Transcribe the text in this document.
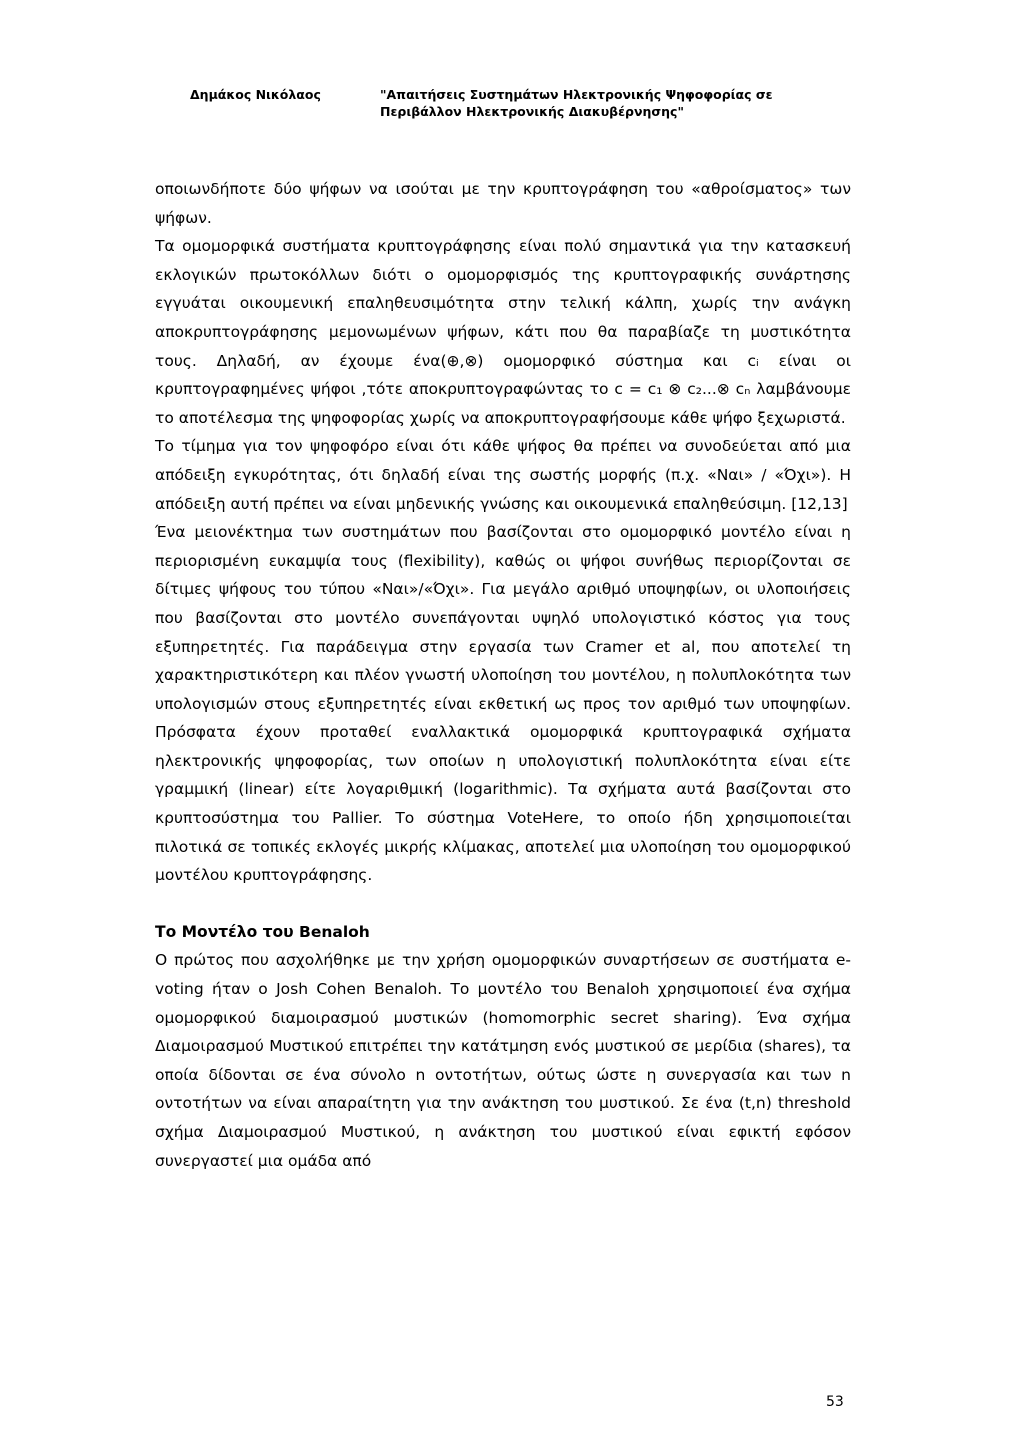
Δημάκος Νικόλαος	"Απαιτήσεις Συστημάτων Ηλεκτρονικής Ψηφοφορίας σε Περιβάλλον Ηλεκτρονικής Διακυβέρνησης"

οποιωνδήποτε δύο ψήφων να ισούται με την κρυπτογράφηση του «αθροίσματος» των ψήφων.

Τα ομομορφικά συστήματα κρυπτογράφησης είναι πολύ σημαντικά για την κατασκευή εκλογικών πρωτοκόλλων διότι ο ομομορφισμός της κρυπτογραφικής συνάρτησης εγγυάται οικουμενική επαληθευσιμότητα στην τελική κάλπη, χωρίς την ανάγκη αποκρυπτογράφησης μεμονωμένων ψήφων, κάτι που θα παραβίαζε τη μυστικότητα τους. Δηλαδή, αν έχουμε ένα(⊕,⊗) ομομορφικό σύστημα και cᵢ είναι οι κρυπτογραφημένες ψήφοι ,τότε αποκρυπτογραφώντας το c = c₁ ⊗ c₂...⊗ cₙ λαμβάνουμε το αποτέλεσμα της ψηφοφορίας χωρίς να αποκρυπτογραφήσουμε κάθε ψήφο ξεχωριστά.

Το τίμημα για τον ψηφοφόρο είναι ότι κάθε ψήφος θα πρέπει να συνοδεύεται από μια απόδειξη εγκυρότητας, ότι δηλαδή είναι της σωστής μορφής (π.χ. «Ναι» / «Όχι»). Η απόδειξη αυτή πρέπει να είναι μηδενικής γνώσης και οικουμενικά επαληθεύσιμη. [12,13]

Ένα μειονέκτημα των συστημάτων που βασίζονται στο ομομορφικό μοντέλο είναι η περιορισμένη ευκαμψία τους (flexibility), καθώς οι ψήφοι συνήθως περιορίζονται σε δίτιμες ψήφους του τύπου «Ναι»/«Όχι». Για μεγάλο αριθμό υποψηφίων, οι υλοποιήσεις που βασίζονται στο μοντέλο συνεπάγονται υψηλό υπολογιστικό κόστος για τους εξυπηρετητές. Για παράδειγμα στην εργασία των Cramer et al, που αποτελεί τη χαρακτηριστικότερη και πλέον γνωστή υλοποίηση του μοντέλου, η πολυπλοκότητα των υπολογισμών στους εξυπηρετητές είναι εκθετική ως προς τον αριθμό των υποψηφίων. Πρόσφατα έχουν προταθεί εναλλακτικά ομομορφικά κρυπτογραφικά σχήματα ηλεκτρονικής ψηφοφορίας, των οποίων η υπολογιστική πολυπλοκότητα είναι είτε γραμμική (linear) είτε λογαριθμική (logarithmic). Τα σχήματα αυτά βασίζονται στο κρυπτοσύστημα του Pallier. Το σύστημα VoteHere, το οποίο ήδη χρησιμοποιείται πιλοτικά σε τοπικές εκλογές μικρής κλίμακας, αποτελεί μια υλοποίηση του ομομορφικού μοντέλου κρυπτογράφησης.

Το Μοντέλο του Benaloh

Ο πρώτος που ασχολήθηκε με την χρήση ομομορφικών συναρτήσεων σε συστήματα e-voting ήταν ο Josh Cohen Benaloh. Το μοντέλο του Benaloh χρησιμοποιεί ένα σχήμα ομομορφικού διαμοιρασμού μυστικών (homomorphic secret sharing). Ένα σχήμα Διαμοιρασμού Μυστικού επιτρέπει την κατάτμηση ενός μυστικού σε μερίδια (shares), τα οποία δίδονται σε ένα σύνολο n οντοτήτων, ούτως ώστε η συνεργασία και των n οντοτήτων να είναι απαραίτητη για την ανάκτηση του μυστικού. Σε ένα (t,n) threshold σχήμα Διαμοιρασμού Μυστικού, η ανάκτηση του μυστικού είναι εφικτή εφόσον συνεργαστεί μια ομάδα από

53
